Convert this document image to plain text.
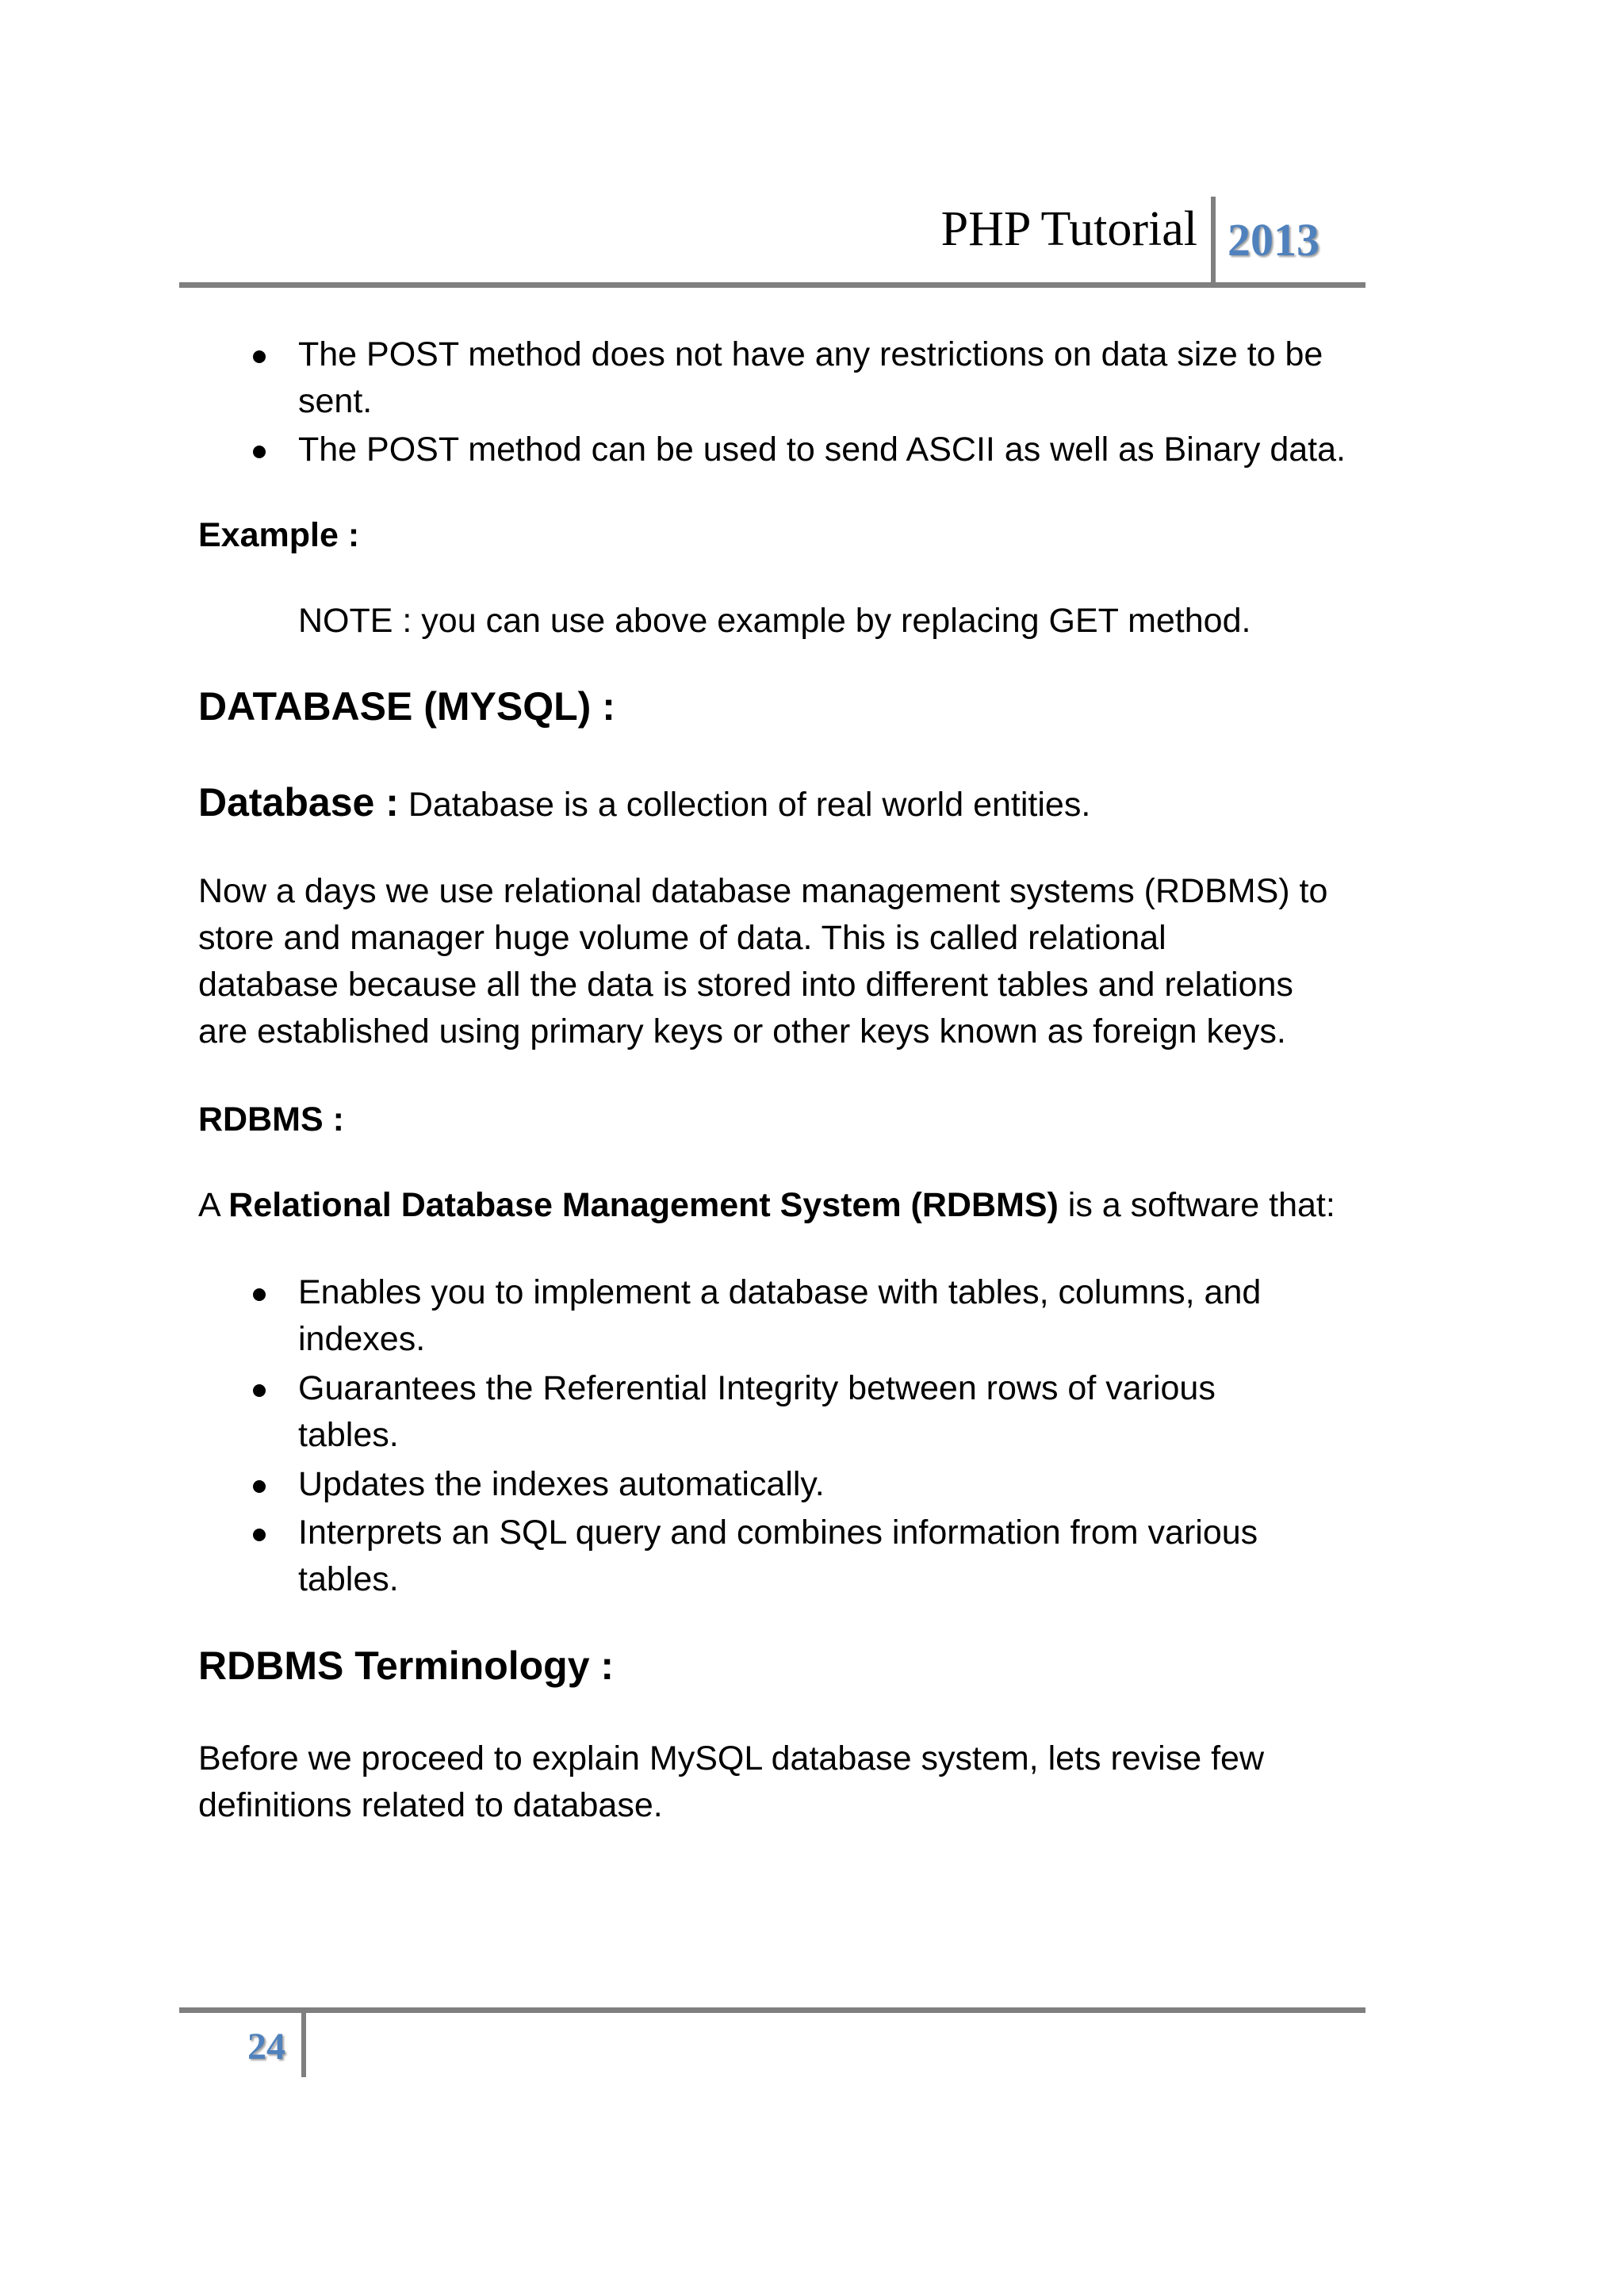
PHP Tutorial 2013
The POST method does not have any restrictions on data size to be
sent.
The POST method can be used to send ASCII as well as Binary data.
Example :
NOTE : you can use above example by replacing GET method.
DATABASE (MYSQL) :
Database : Database is a collection of real world entities.
Now a days we use relational database management systems (RDBMS) to
store and manager huge volume of data. This is called relational
database because all the data is stored into different tables and relations
are established using primary keys or other keys known as foreign keys.
RDBMS :
A Relational Database Management System (RDBMS) is a software that:
Enables you to implement a database with tables, columns, and
indexes.
Guarantees the Referential Integrity between rows of various
tables.
Updates the indexes automatically.
Interprets an SQL query and combines information from various
tables.
RDBMS Terminology :
Before we proceed to explain MySQL database system, lets revise few
definitions related to database.
24
